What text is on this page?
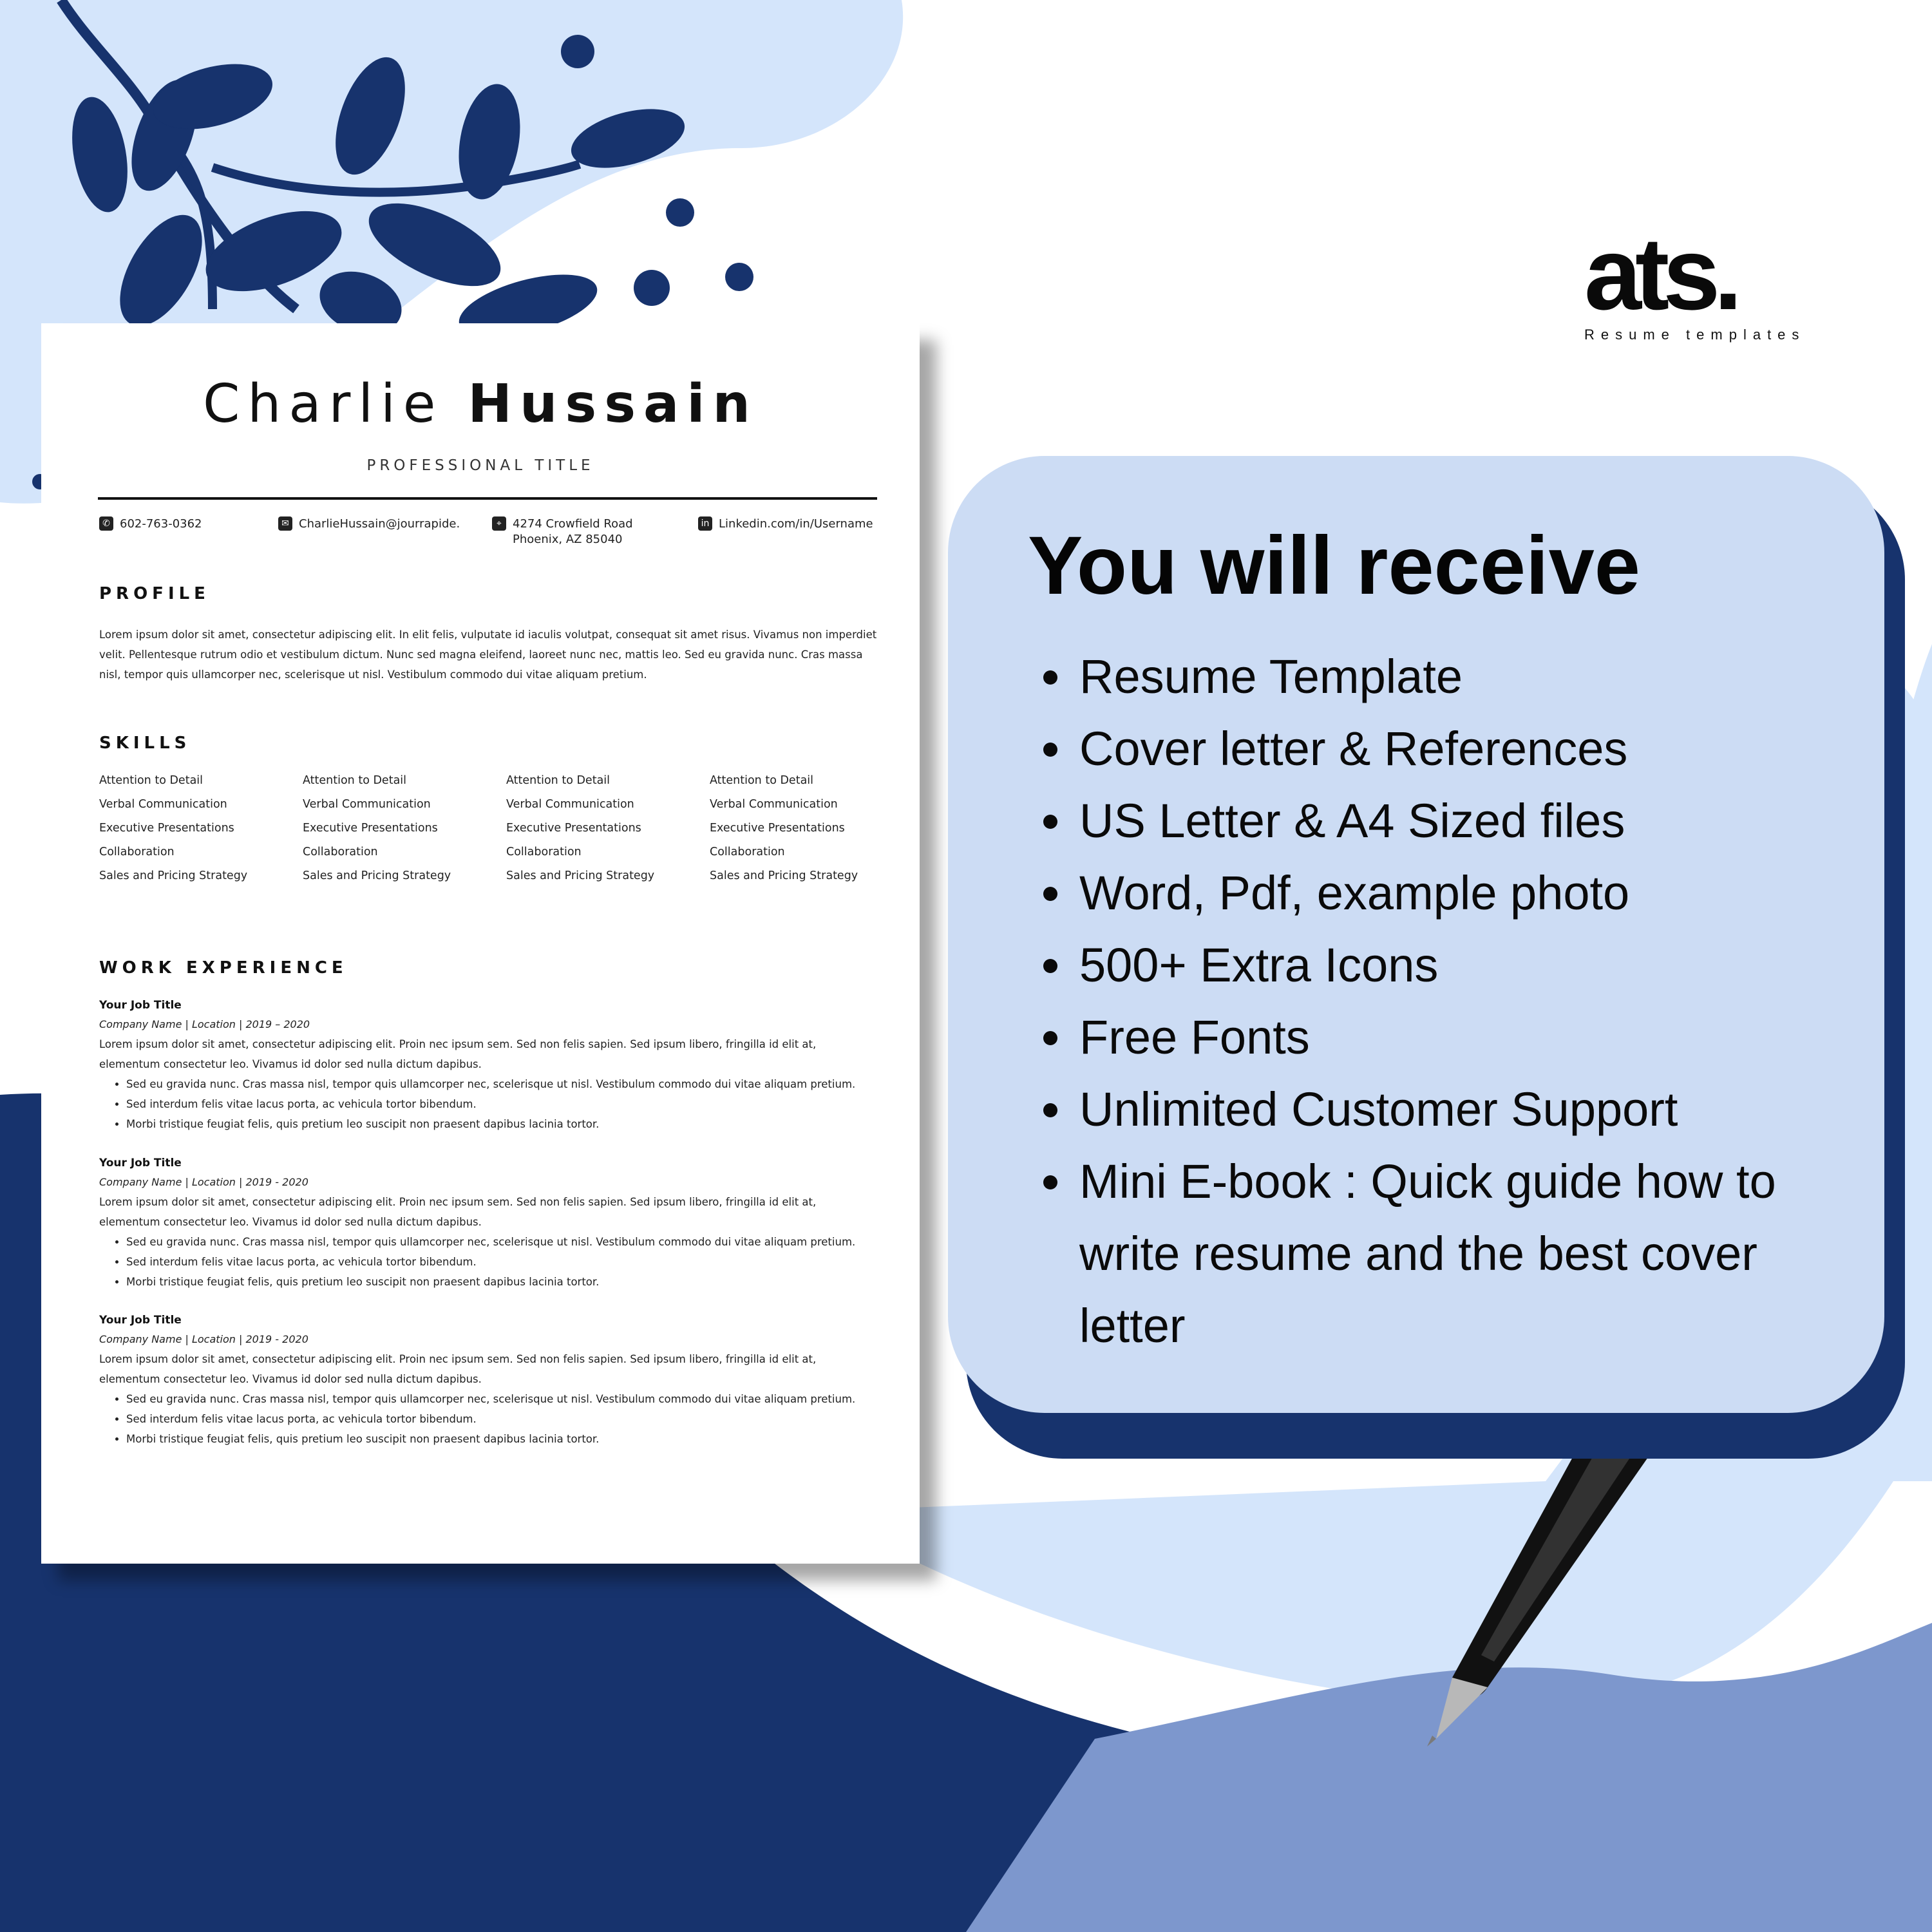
Charlie Hussain
PROFESSIONAL TITLE
✆ 602-763-0362	✉ CharlieHussain@jourrapide.	⌖ 4274 Crowfield Road
Phoenix, AZ 85040
in Linkedin.com/in/Username
PROFILE
Lorem ipsum dolor sit amet, consectetur adipiscing elit. In elit felis, vulputate id iaculis volutpat, consequat sit amet risus. Vivamus non imperdiet velit. Pellentesque rutrum odio et vestibulum dictum. Nunc sed magna eleifend, laoreet nunc nec, mattis leo. Sed eu gravida nunc. Cras massa nisl, tempor quis ullamcorper nec, scelerisque ut nisl. Vestibulum commodo dui vitae aliquam pretium.
SKILLS
Attention to Detail	Attention to Detail	Attention to Detail	Attention to Detail
Verbal Communication	Verbal Communication	Verbal Communication	Verbal Communication
Executive Presentations	Executive Presentations	Executive Presentations	Executive Presentations
Collaboration	Collaboration	Collaboration	Collaboration
Sales and Pricing Strategy	Sales and Pricing Strategy	Sales and Pricing Strategy	Sales and Pricing Strategy
WORK EXPERIENCE
Your Job Title
Company Name | Location | 2019 – 2020
Lorem ipsum dolor sit amet, consectetur adipiscing elit. Proin nec ipsum sem. Sed non felis sapien. Sed ipsum libero, fringilla id elit at, elementum consectetur leo. Vivamus id dolor sed nulla dictum dapibus.
• Sed eu gravida nunc. Cras massa nisl, tempor quis ullamcorper nec, scelerisque ut nisl. Vestibulum commodo dui vitae aliquam pretium.
• Sed interdum felis vitae lacus porta, ac vehicula tortor bibendum.
• Morbi tristique feugiat felis, quis pretium leo suscipit non praesent dapibus lacinia tortor.
Your Job Title
Company Name | Location | 2019 - 2020
Lorem ipsum dolor sit amet, consectetur adipiscing elit. Proin nec ipsum sem. Sed non felis sapien. Sed ipsum libero, fringilla id elit at, elementum consectetur leo. Vivamus id dolor sed nulla dictum dapibus.
• Sed eu gravida nunc. Cras massa nisl, tempor quis ullamcorper nec, scelerisque ut nisl. Vestibulum commodo dui vitae aliquam pretium.
• Sed interdum felis vitae lacus porta, ac vehicula tortor bibendum.
• Morbi tristique feugiat felis, quis pretium leo suscipit non praesent dapibus lacinia tortor.
Your Job Title
Company Name | Location | 2019 - 2020
Lorem ipsum dolor sit amet, consectetur adipiscing elit. Proin nec ipsum sem. Sed non felis sapien. Sed ipsum libero, fringilla id elit at, elementum consectetur leo. Vivamus id dolor sed nulla dictum dapibus.
• Sed eu gravida nunc. Cras massa nisl, tempor quis ullamcorper nec, scelerisque ut nisl. Vestibulum commodo dui vitae aliquam pretium.
• Sed interdum felis vitae lacus porta, ac vehicula tortor bibendum.
• Morbi tristique feugiat felis, quis pretium leo suscipit non praesent dapibus lacinia tortor.
ats.
Resume templates
You will receive
Resume Template
Cover letter & References
US Letter & A4 Sized files
Word, Pdf, example photo
500+ Extra Icons
Free Fonts
Unlimited Customer Support
Mini E-book : Quick guide how to write resume and the best cover letter
